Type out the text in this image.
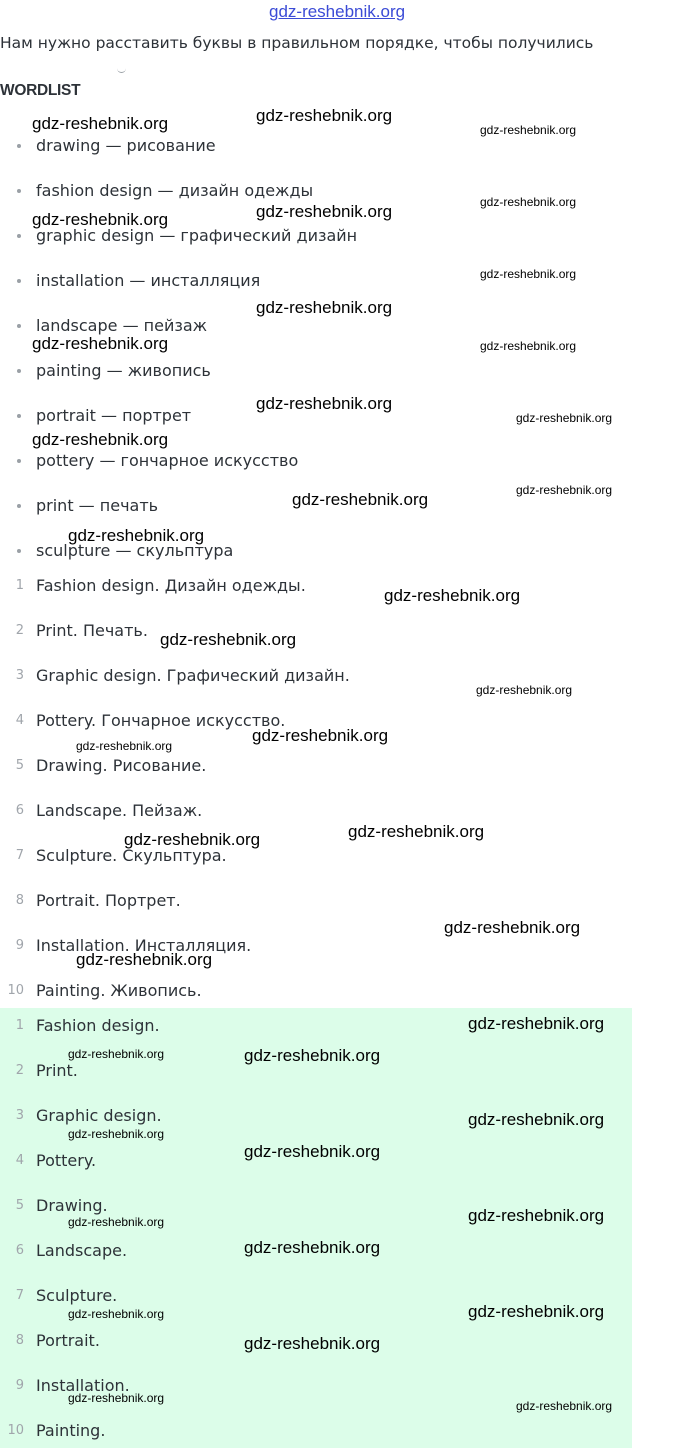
gdz-reshebnik.org
Нам нужно расставить буквы в правильном порядке, чтобы получились
WORDLIST
drawing — рисование
fashion design — дизайн одежды
graphic design — графический дизайн
installation — инсталляция
landscape — пейзаж
painting — живопись
portrait — портрет
pottery — гончарное искусство
print — печать
sculpture — скульптура
1 Fashion design. Дизайн одежды.
2 Print. Печать.
3 Graphic design. Графический дизайн.
4 Pottery. Гончарное искусство.
5 Drawing. Рисование.
6 Landscape. Пейзаж.
7 Sculpture. Скульптура.
8 Portrait. Портрет.
9 Installation. Инсталляция.
10 Painting. Живопись.
1 Fashion design.
2 Print.
3 Graphic design.
4 Pottery.
5 Drawing.
6 Landscape.
7 Sculpture.
8 Portrait.
9 Installation.
10 Painting.
gdz-reshebnik.org	gdz-reshebnik.org
gdz-reshebnik.org
gdz-reshebnik.org	gdz-reshebnik.org	gdz-reshebnik.org
gdz-reshebnik.org
gdz-reshebnik.org
gdz-reshebnik.org	gdz-reshebnik.org
gdz-reshebnik.org
gdz-reshebnik.org
gdz-reshebnik.org
gdz-reshebnik.org
gdz-reshebnik.org
gdz-reshebnik.org
gdz-reshebnik.org
gdz-reshebnik.org
gdz-reshebnik.org
gdz-reshebnik.org
gdz-reshebnik.org
gdz-reshebnik.org
gdz-reshebnik.org
gdz-reshebnik.org
gdz-reshebnik.org
gdz-reshebnik.org
gdz-reshebnik.org	gdz-reshebnik.org
gdz-reshebnik.org
gdz-reshebnik.org
gdz-reshebnik.org
gdz-reshebnik.org
gdz-reshebnik.org
gdz-reshebnik.org
gdz-reshebnik.org
gdz-reshebnik.org
gdz-reshebnik.org
gdz-reshebnik.org
gdz-reshebnik.org
